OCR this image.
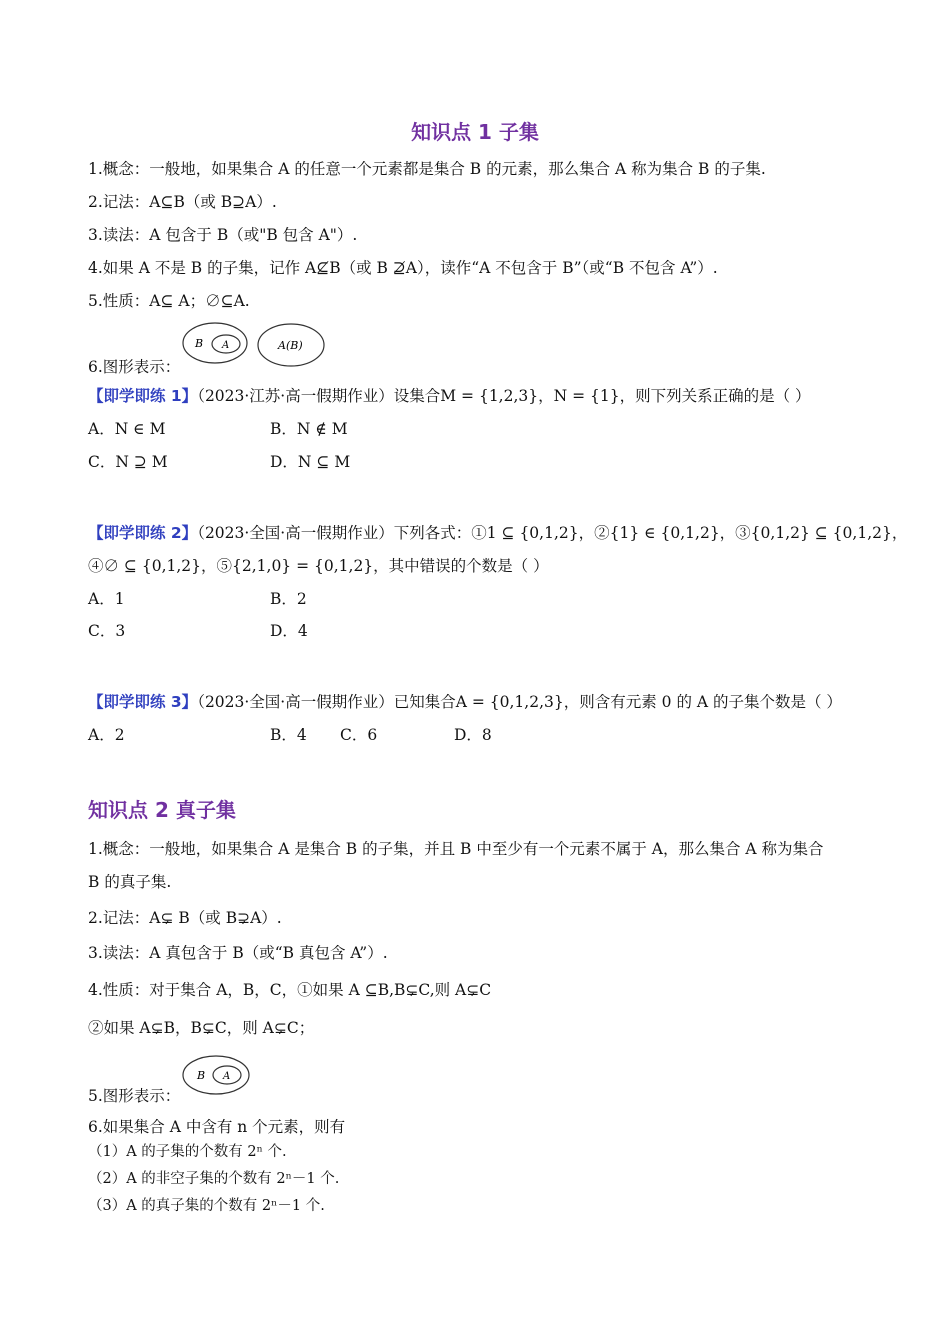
知识点 1 子集
1.概念：一般地，如果集合 A 的任意一个元素都是集合 B 的元素，那么集合 A 称为集合 B 的子集.
2.记法：A⊆B（或 B⊇A）.
3.读法：A 包含于 B（或"B 包含 A"）.
4.如果 A 不是 B 的子集，记作 A⊈B（或 B ⊉A），读作“A 不包含于 B”（或“B 不包含 A”）.
5.性质：A⊆ A；∅⊆A.
6.图形表示：
B A	A(B)
【即学即练 1】（2023·江苏·高一假期作业）设集合M = {1,2,3}，N = {1}，则下列关系正确的是（ ）
A．N ∈ M	B．N ∉ M
C．N ⊇ M	D．N ⊆ M
【即学即练 2】（2023·全国·高一假期作业）下列各式：①1 ⊆ {0,1,2}，②{1} ∈ {0,1,2}，③{0,1,2} ⊆ {0,1,2}，
④∅ ⊆ {0,1,2}，⑤{2,1,0} = {0,1,2}，其中错误的个数是（ ）
A．1	B．2
C．3	D．4
【即学即练 3】（2023·全国·高一假期作业）已知集合A = {0,1,2,3}，则含有元素 0 的 A 的子集个数是（ ）
A．2	B．4 C．6	D．8
知识点 2 真子集
1.概念：一般地，如果集合 A 是集合 B 的子集，并且 B 中至少有一个元素不属于 A，那么集合 A 称为集合
B 的真子集.
2.记法：A⊊ B（或 B⊋A）.
3.读法：A 真包含于 B（或“B 真包含 A”）.
4.性质：对于集合 A，B，C，①如果 A ⊆B,B⊊C,则 A⊊C
②如果 A⊊B，B⊊C，则 A⊊C；
5.图形表示：
B A
6.如果集合 A 中含有 n 个元素，则有
（1）A 的子集的个数有 2ⁿ 个.
（2）A 的非空子集的个数有 2ⁿ－1 个.
（3）A 的真子集的个数有 2ⁿ－1 个.
